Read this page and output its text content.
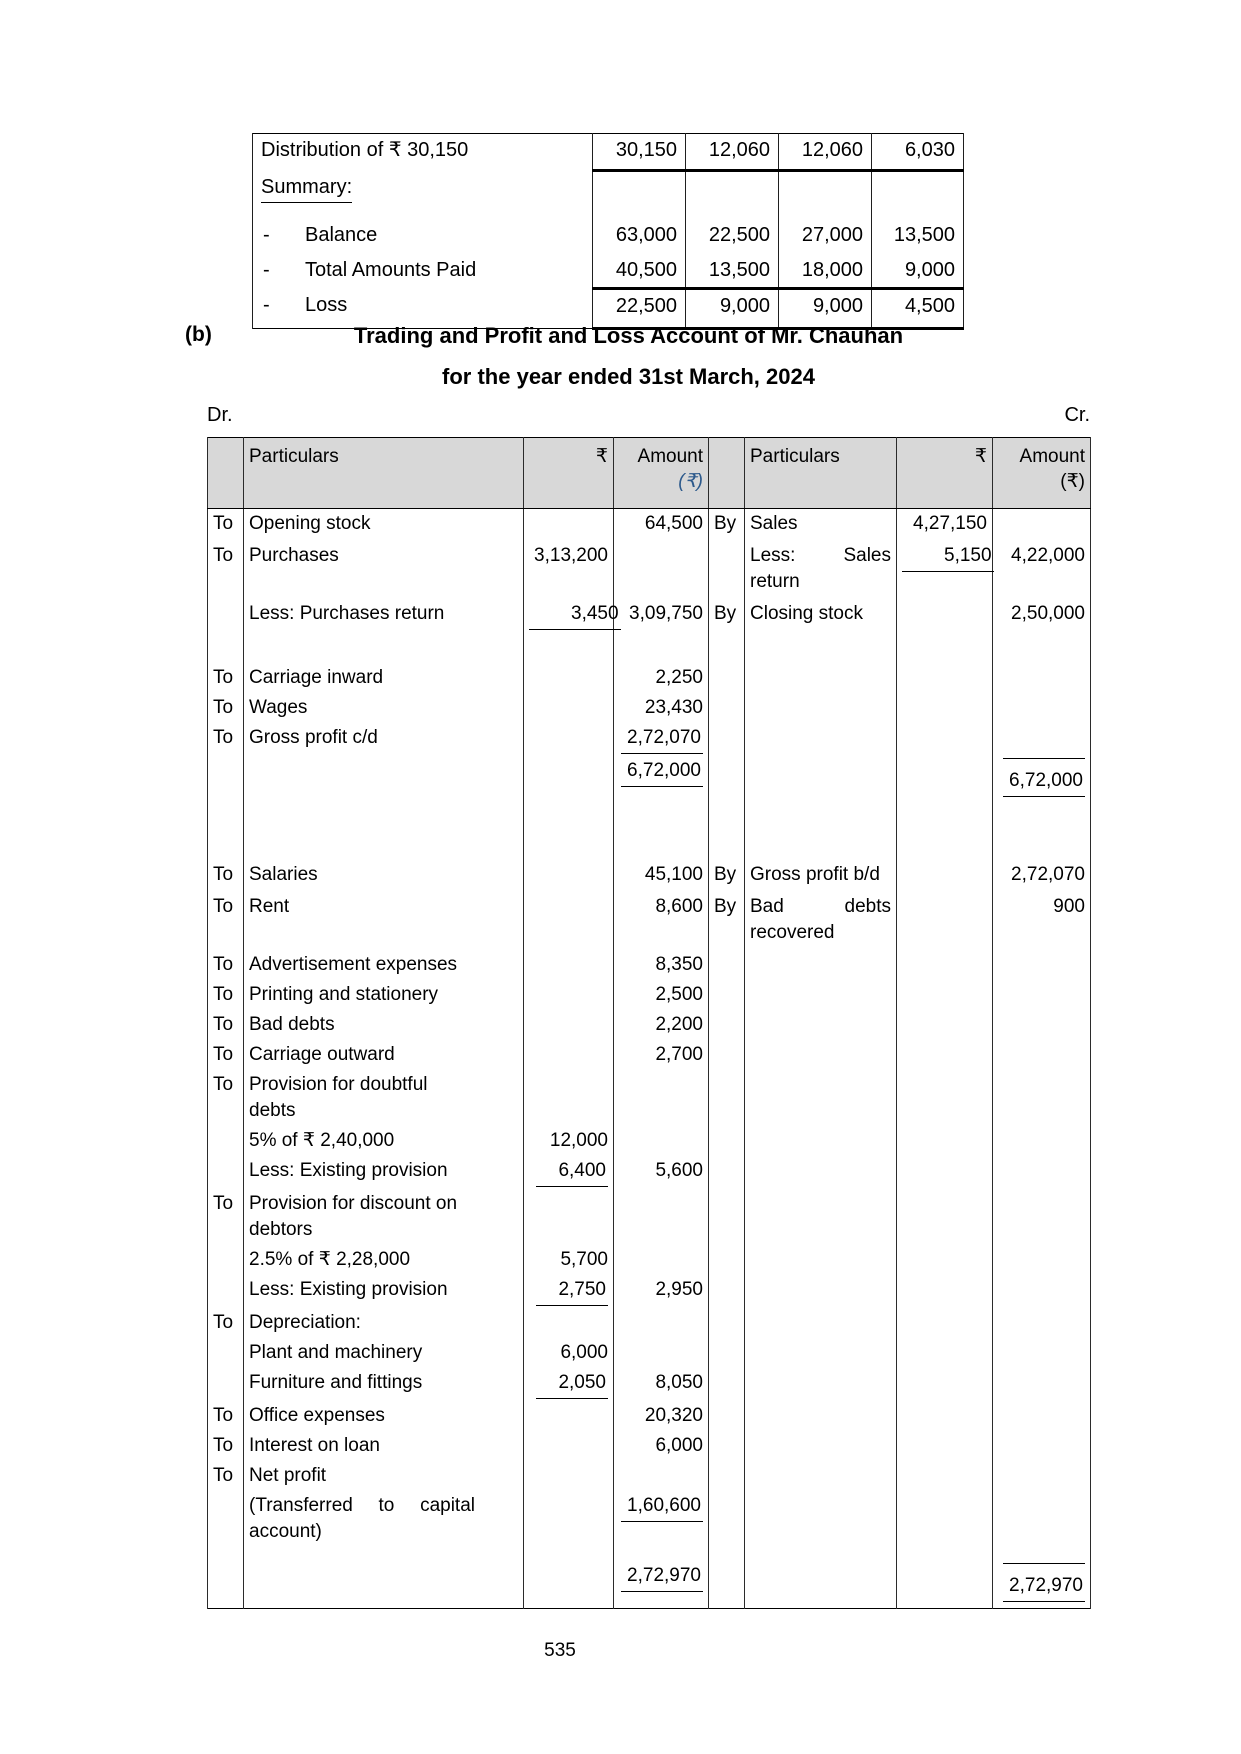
Distribution of ₹ 30,150	30,150	12,060	12,060	6,030
Summary:				
- Balance	63,000	22,500	27,000	13,500
- Total Amounts Paid	40,500	13,500	18,000	9,000
- Loss	22,500	9,000	9,000	4,500
(b)	Trading and Profit and Loss Account of Mr. Chauhan
for the year ended 31st March, 2024
Dr.	Cr.
	Particulars	₹	Amount
(₹)
		Particulars	₹	Amount
(₹)

To	Opening stock		64,500	By	Sales	4,27,150	
To	Purchases	3,13,200			Less: Sales return	5,150	4,22,000
	Less: Purchases return	3,450	3,09,750	By	Closing stock		2,50,000

To	Carriage inward		2,250				
To	Wages		23,430				
To	Gross profit c/d		2,72,070				
			6,72,000				6,72,000

To	Salaries		45,100	By	Gross profit b/d		2,72,070
To	Rent		8,600	By	Bad debts recovered		900
To	Advertisement expenses		8,350				
To	Printing and stationery		2,500				
To	Bad debts		2,200				
To	Carriage outward		2,700				
To	Provision for doubtful debts						
	5% of ₹ 2,40,000	12,000					
	Less: Existing provision	6,400	5,600				
To	Provision for discount on debtors						
	2.5% of ₹ 2,28,000	5,700					
	Less: Existing provision	2,750	2,950				
To	Depreciation:						
	Plant and machinery	6,000					
	Furniture and fittings	2,050	8,050				
To	Office expenses		20,320				
To	Interest on loan		6,000				
To	Net profit						
	(Transferred to capital account)		1,60,600				
			2,72,970				2,72,970
535
